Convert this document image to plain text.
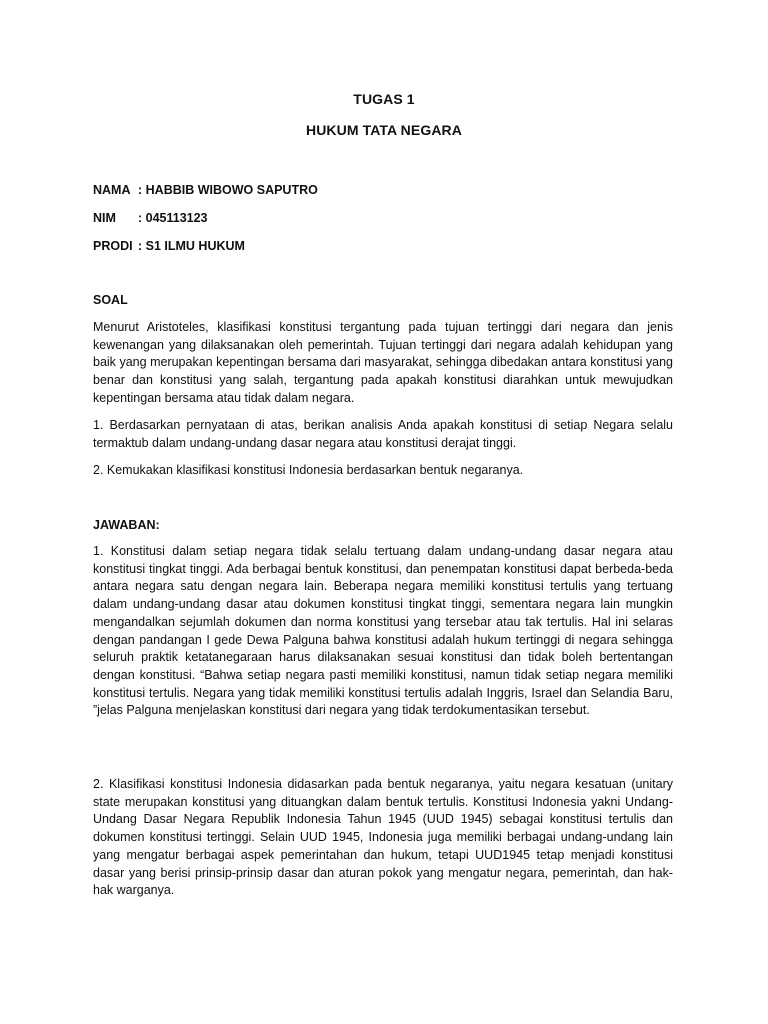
TUGAS 1
HUKUM TATA NEGARA
NAMA : HABBIB WIBOWO SAPUTRO
NIM : 045113123
PRODI : S1 ILMU HUKUM
SOAL

Menurut Aristoteles, klasifikasi konstitusi tergantung pada tujuan tertinggi dari negara dan jenis kewenangan yang dilaksanakan oleh pemerintah. Tujuan tertinggi dari negara adalah kehidupan yang baik yang merupakan kepentingan bersama dari masyarakat, sehingga dibedakan antara konstitusi yang benar dan konstitusi yang salah, tergantung pada apakah konstitusi diarahkan untuk mewujudkan kepentingan bersama atau tidak dalam negara.

1. Berdasarkan pernyataan di atas, berikan analisis Anda apakah konstitusi di setiap Negara selalu termaktub dalam undang-undang dasar negara atau konstitusi derajat tinggi.

2. Kemukakan klasifikasi konstitusi Indonesia berdasarkan bentuk negaranya.

JAWABAN:

1. Konstitusi dalam setiap negara tidak selalu tertuang dalam undang-undang dasar negara atau konstitusi tingkat tinggi. Ada berbagai bentuk konstitusi, dan penempatan konstitusi dapat berbeda-beda antara negara satu dengan negara lain. Beberapa negara memiliki konstitusi tertulis yang tertuang dalam undang-undang dasar atau dokumen konstitusi tingkat tinggi, sementara negara lain mungkin mengandalkan sejumlah dokumen dan norma konstitusi yang tersebar atau tak tertulis. Hal ini selaras dengan pandangan I gede Dewa Palguna bahwa konstitusi adalah hukum tertinggi di negara sehingga seluruh praktik ketatanegaraan harus dilaksanakan sesuai konstitusi dan tidak boleh bertentangan dengan konstitusi. “Bahwa setiap negara pasti memiliki konstitusi, namun tidak setiap negara memiliki konstitusi tertulis. Negara yang tidak memiliki konstitusi tertulis adalah Inggris, Israel dan Selandia Baru, ”jelas Palguna menjelaskan konstitusi dari negara yang tidak terdokumentasikan tersebut.

2. Klasifikasi konstitusi Indonesia didasarkan pada bentuk negaranya, yaitu negara kesatuan (unitary state merupakan konstitusi yang dituangkan dalam bentuk tertulis. Konstitusi Indonesia yakni Undang-Undang Dasar Negara Republik Indonesia Tahun 1945 (UUD 1945) sebagai konstitusi tertulis dan dokumen konstitusi tertinggi. Selain UUD 1945, Indonesia juga memiliki berbagai undang-undang lain yang mengatur berbagai aspek pemerintahan dan hukum, tetapi UUD1945 tetap menjadi konstitusi dasar yang berisi prinsip-prinsip dasar dan aturan pokok yang mengatur negara, pemerintah, dan hak-hak warganya.
